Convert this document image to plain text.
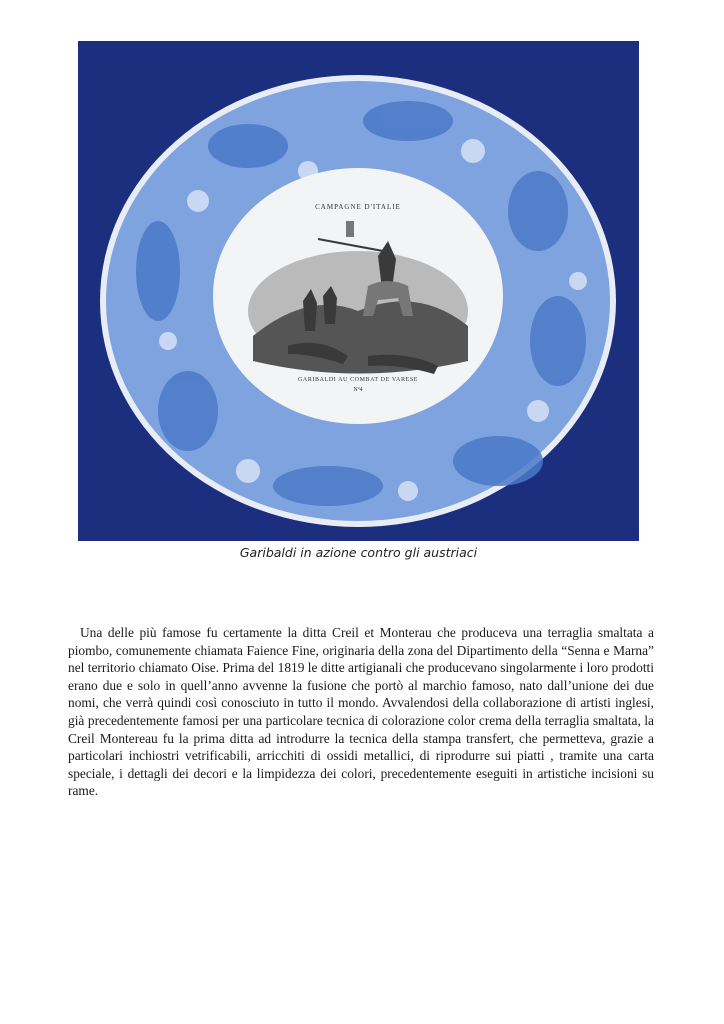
CAMPAGNE D'ITALIE
GARIBALDI AU COMBAT DE VARESE
Nº4
Garibaldi in azione contro gli austriaci

Una delle più famose fu certamente la ditta Creil et Monterau che produceva una terraglia smaltata a piombo, comunemente chiamata Faience Fine, originaria della zona del Dipartimento della “Senna e Marna” nel territorio chiamato Oise. Prima del 1819 le ditte artigianali che producevano singolarmente i loro prodotti erano due e solo in quell’anno avvenne la fusione che portò al marchio famoso, nato dall’unione dei due nomi, che verrà quindi così conosciuto in tutto il mondo. Avvalendosi della collaborazione di artisti inglesi, già precedentemente famosi per una particolare tecnica di colorazione color crema della terraglia smaltata, la Creil Montereau fu la prima ditta ad introdurre la tecnica della stampa transfert, che permetteva, grazie a particolari inchiostri vetrificabili, arricchiti di ossidi metallici, di riprodurre sui piatti , tramite una carta speciale, i dettagli dei decori e la limpidezza dei colori, precedentemente eseguiti in artistiche incisioni su rame.
